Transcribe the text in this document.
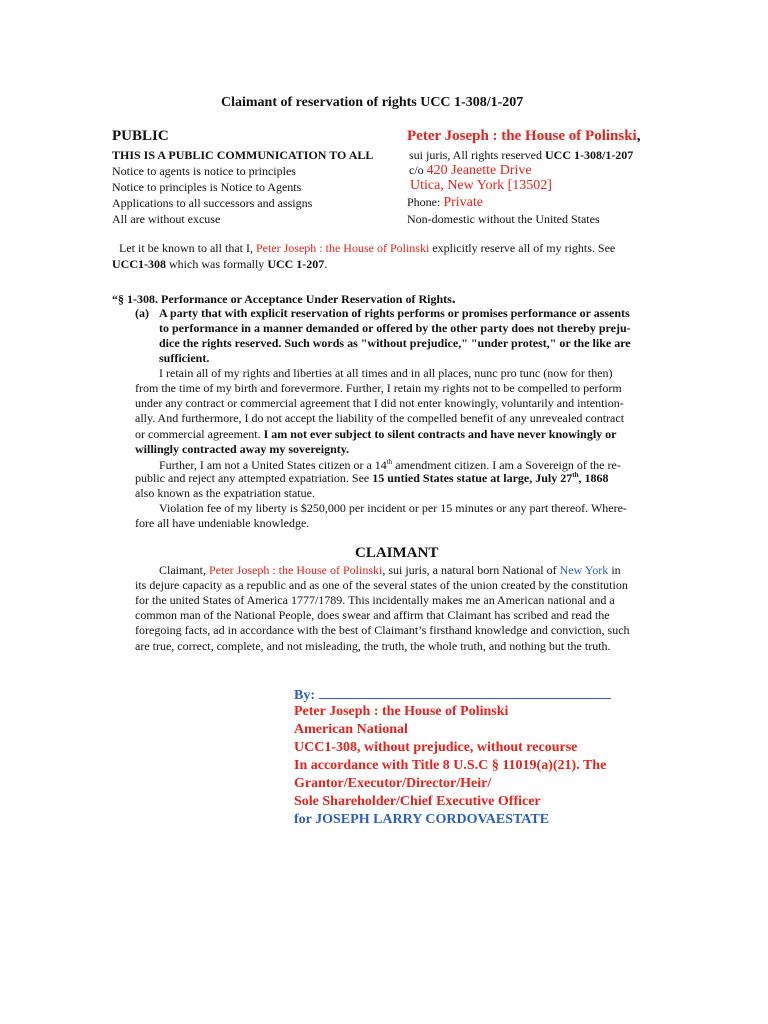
Claimant of reservation of rights UCC 1-308/1-207
PUBLIC
THIS IS A PUBLIC COMMUNICATION TO ALL
Notice to agents is notice to principles
Notice to principles is Notice to Agents
Applications to all successors and assigns
All are without excuse
Peter Joseph : the House of Polinski,
sui juris, All rights reserved UCC 1-308/1-207
c/o 420 Jeanette Drive
Utica, New York [13502]
Phone: Private
Non-domestic without the United States
Let it be known to all that I, Peter Joseph : the House of Polinski explicitly reserve all of my rights. See
UCC1-308 which was formally UCC 1-207.
“§ 1-308. Performance or Acceptance Under Reservation of Rights.
(a) A party that with explicit reservation of rights performs or promises performance or assents
to performance in a manner demanded or offered by the other party does not thereby preju-
dice the rights reserved. Such words as "without prejudice," "under protest," or the like are
sufficient.
I retain all of my rights and liberties at all times and in all places, nunc pro tunc (now for then)
from the time of my birth and forevermore. Further, I retain my rights not to be compelled to perform
under any contract or commercial agreement that I did not enter knowingly, voluntarily and intention-
ally. And furthermore, I do not accept the liability of the compelled benefit of any unrevealed contract
or commercial agreement. I am not ever subject to silent contracts and have never knowingly or
willingly contracted away my sovereignty.
Further, I am not a United States citizen or a 14th amendment citizen. I am a Sovereign of the re-
public and reject any attempted expatriation. See 15 untied States statue at large, July 27th, 1868
also known as the expatriation statue.
Violation fee of my liberty is $250,000 per incident or per 15 minutes or any part thereof. Where-
fore all have undeniable knowledge.
CLAIMANT
Claimant, Peter Joseph : the House of Polinski, sui juris, a natural born National of New York in
its dejure capacity as a republic and as one of the several states of the union created by the constitution
for the united States of America 1777/1789. This incidentally makes me an American national and a
common man of the National People, does swear and affirm that Claimant has scribed and read the
foregoing facts, ad in accordance with the best of Claimant’s firsthand knowledge and conviction, such
are true, correct, complete, and not misleading, the truth, the whole truth, and nothing but the truth.
By:
Peter Joseph : the House of Polinski
American National
UCC1-308, without prejudice, without recourse
In accordance with Title 8 U.S.C § 11019(a)(21). The
Grantor/Executor/Director/Heir/
Sole Shareholder/Chief Executive Officer
for JOSEPH LARRY CORDOVAESTATE
